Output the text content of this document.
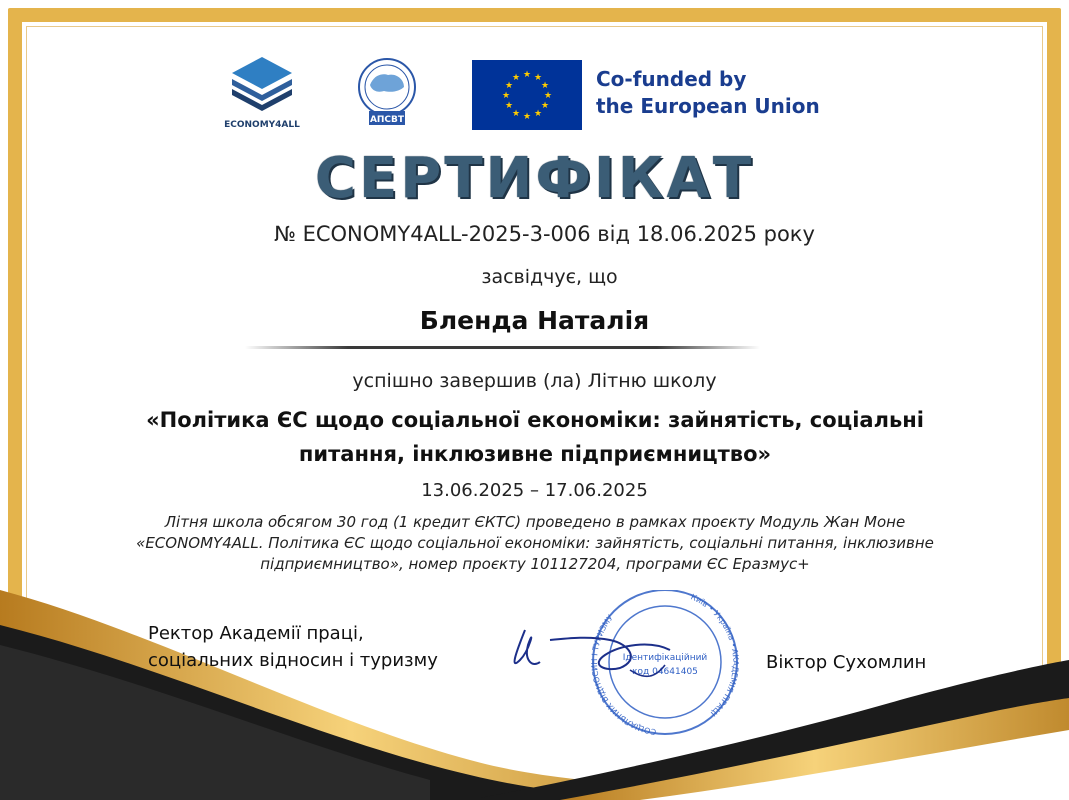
ECONOMY4ALL	АПСВТ
★ ★
★
★
★
★
★
★
★
★
★
★	Co-funded by
the European Union
СЕРТИФІКАТ
№ ECONOMY4ALL-2025-3-006 від 18.06.2025 року
засвідчує, що
Бленда Наталія
успішно завершив (ла) Літню школу
«Політика ЄС щодо соціальної економіки: зайнятість, соціальні
питання, інклюзивне підприємництво»
13.06.2025 – 17.06.2025
Літня школа обсягом 30 год (1 кредит ЄКТС) проведено в рамках проєкту Модуль Жан Моне
«ECONOMY4ALL. Політика ЄС щодо соціальної економіки: зайнятість, соціальні питання, інклюзивне
підприємництво», номер проєкту 101127204, програми ЄС Еразмус+
Ректор Академії праці,
соціальних відносин і туризму
СОЦІАЛЬНИХ ВІДНОСИН І ТУРИЗМУ
Київ • Україна •
АКАДЕМІЯ ПРАЦІ
Ідентифікаційний
код 04641405	Віктор Сухомлин
